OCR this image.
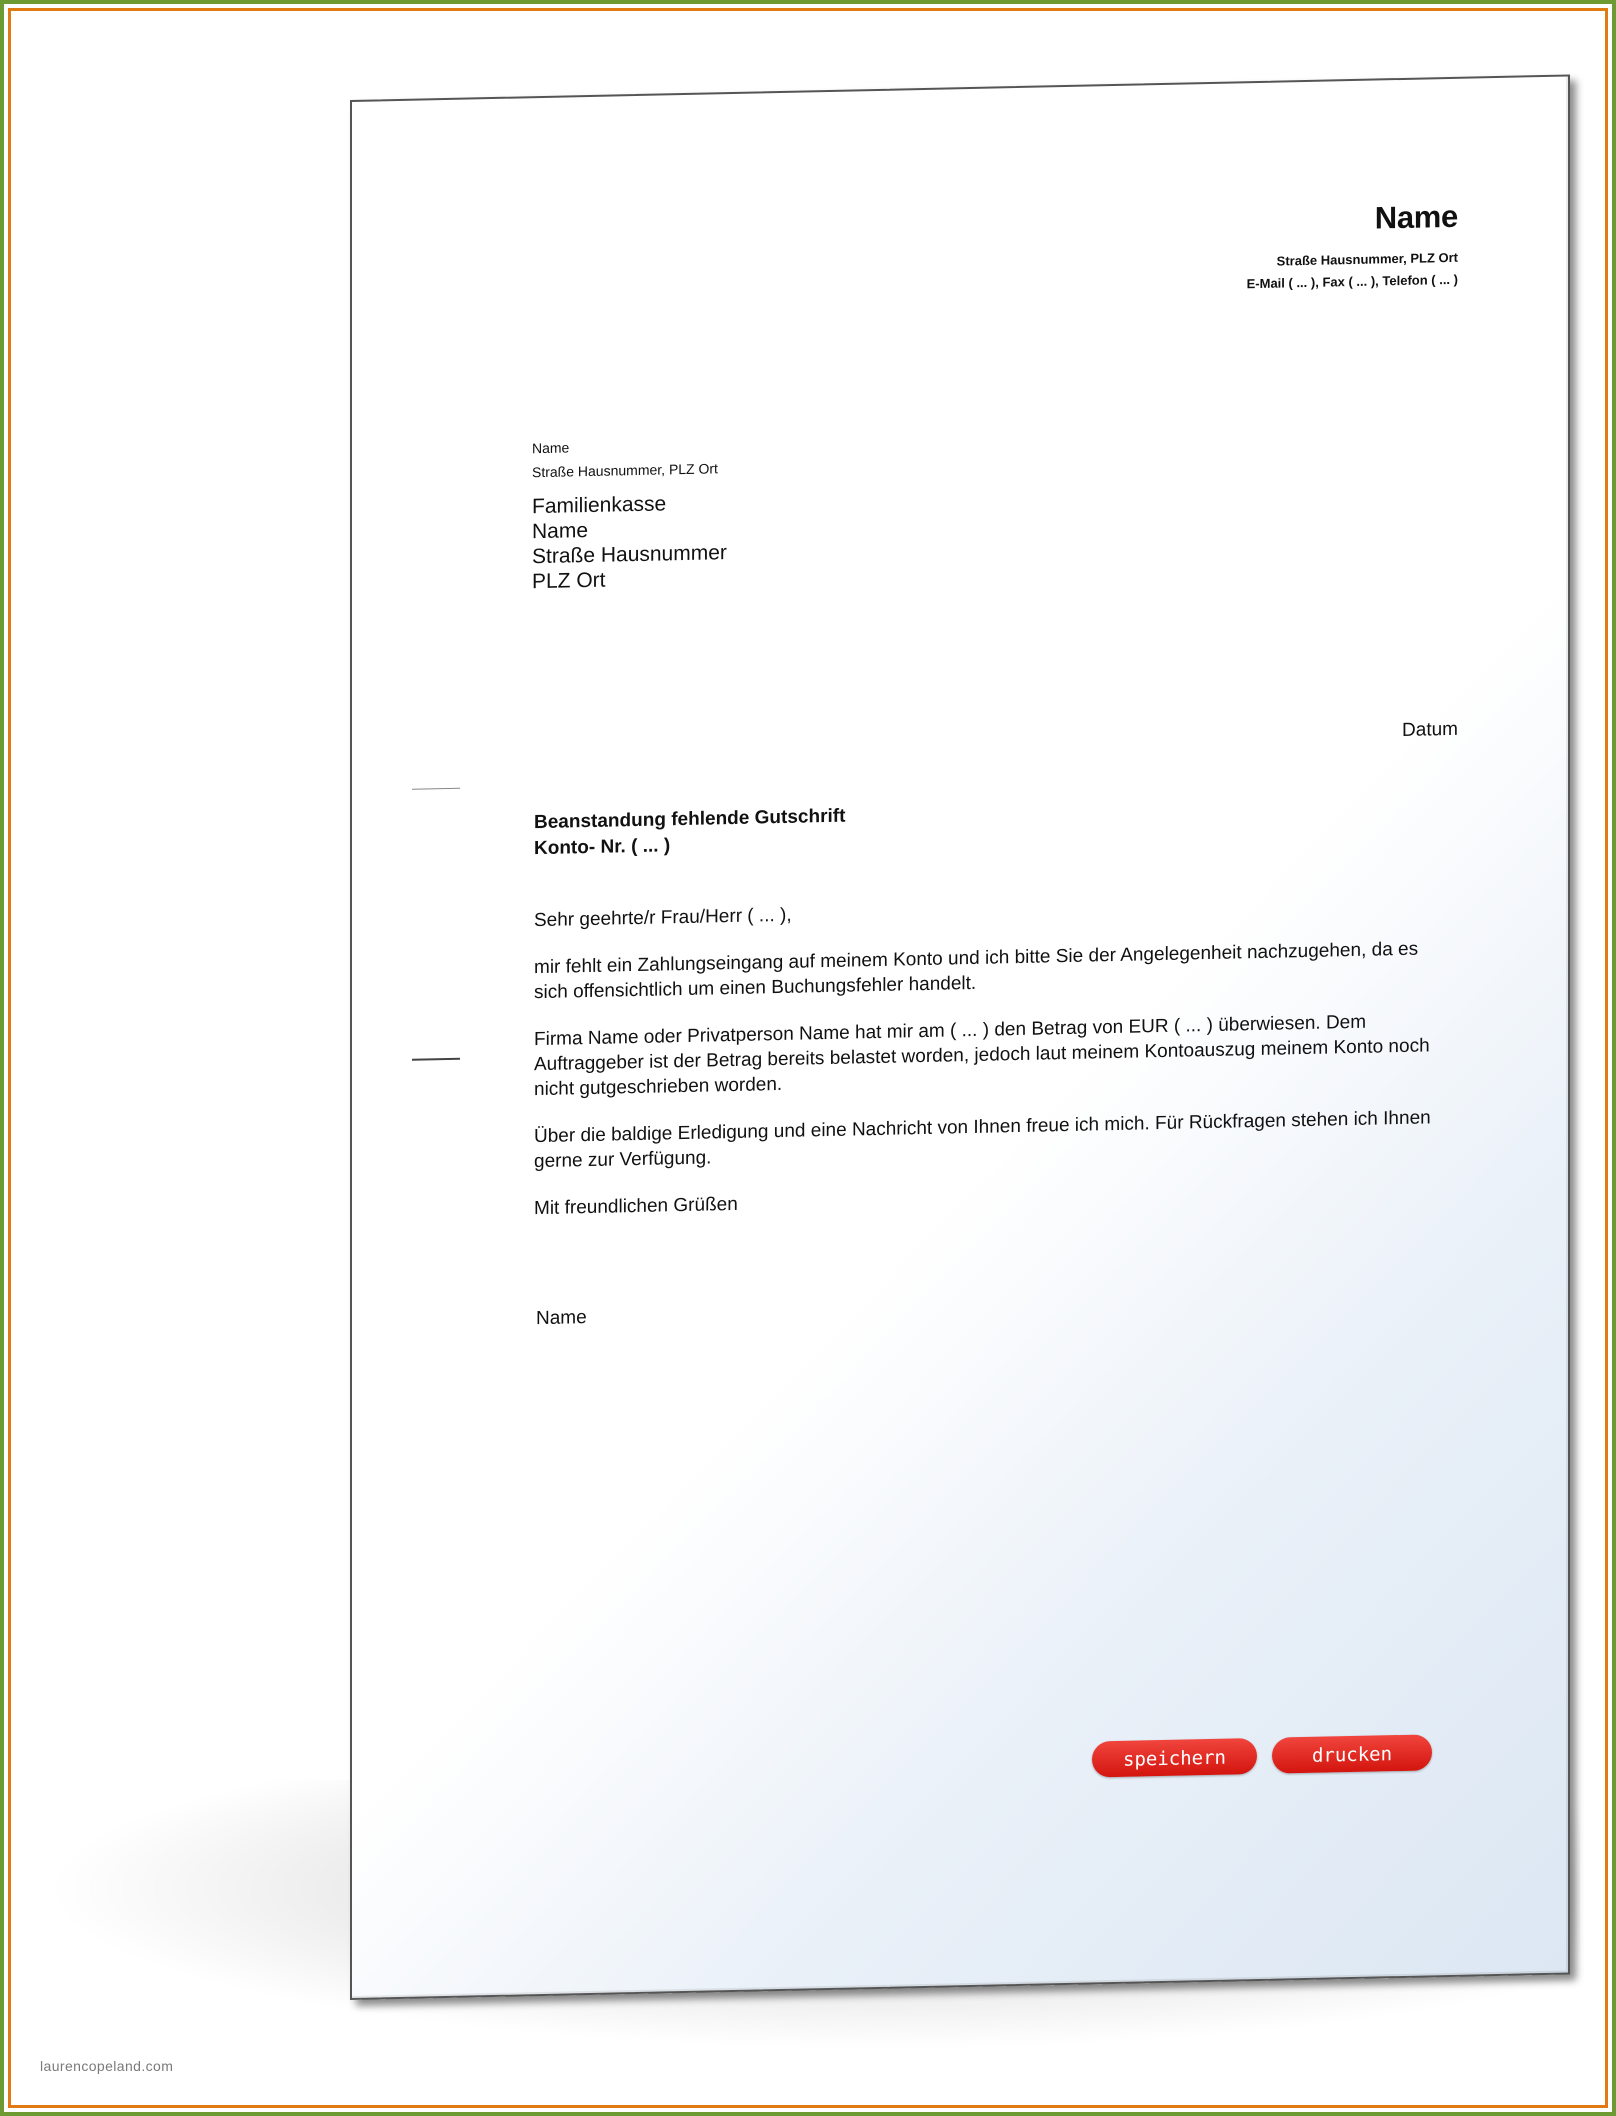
Name
Straße Hausnummer, PLZ Ort
E-Mail ( ... ), Fax ( ... ), Telefon ( ... )
Name
Straße Hausnummer, PLZ Ort
Familienkasse
Name
Straße Hausnummer
PLZ Ort
Datum
Beanstandung fehlende Gutschrift
Konto- Nr. ( ... )

Sehr geehrte/r Frau/Herr ( ... ),

mir fehlt ein Zahlungseingang auf meinem Konto und ich bitte Sie der Angelegenheit nachzugehen, da es sich offensichtlich um einen Buchungsfehler handelt.

Firma Name oder Privatperson Name hat mir am ( ... ) den Betrag von EUR ( ... ) überwiesen. Dem Auftraggeber ist der Betrag bereits belastet worden, jedoch laut meinem Kontoauszug meinem Konto noch nicht gutgeschrieben worden.

Über die baldige Erledigung und eine Nachricht von Ihnen freue ich mich. Für Rückfragen stehen ich Ihnen gerne zur Verfügung.

Mit freundlichen Grüßen

Name
speichern	drucken
laurencopeland.com
